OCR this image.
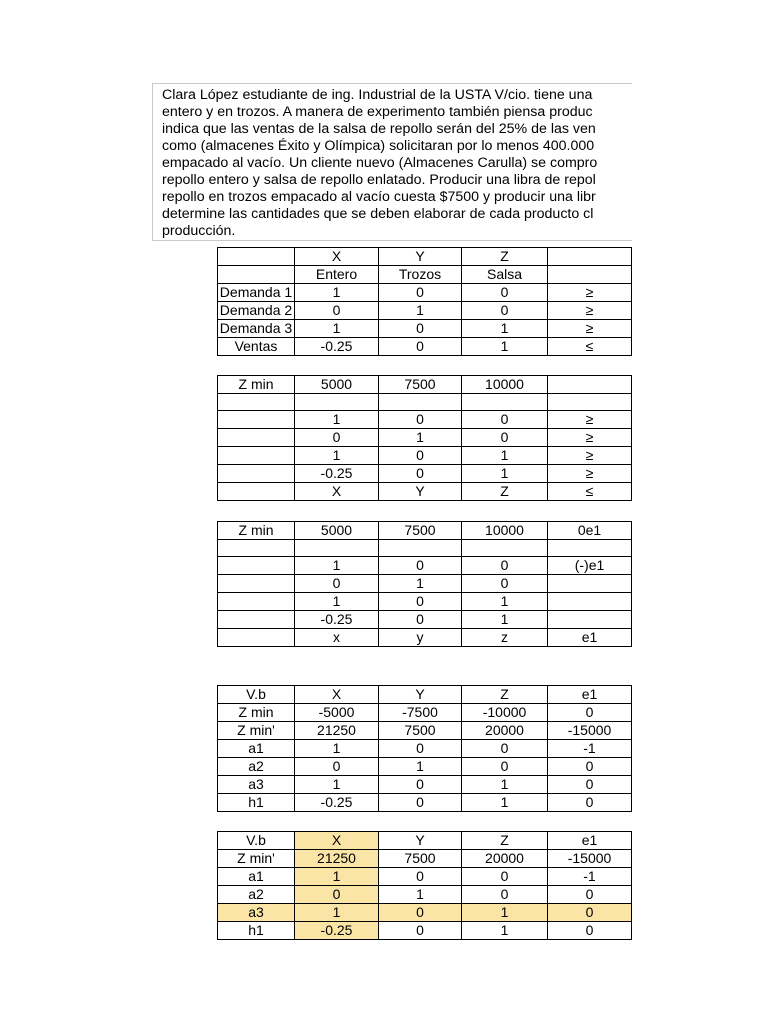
Clara López estudiante de ing. Industrial de la USTA V/cio. tiene una
entero y en trozos. A manera de experimento también piensa produc
indica que las ventas de la salsa de repollo serán del 25% de las ven
como (almacenes Éxito y Olímpica) solicitaran por lo menos 400.000
empacado al vacío. Un cliente nuevo (Almacenes Carulla) se compro
repollo entero y salsa de repollo enlatado. Producir una libra de repol
repollo en trozos empacado al vacío cuesta $7500 y producir una libr
determine las cantidades que se deben elaborar de cada producto cl
producción.
	X	Y	Z	
	Entero	Trozos	Salsa	
Demanda 1	1	0	0	≥
Demanda 2	0	1	0	≥
Demanda 3	1	0	1	≥
Ventas	-0.25	0	1	≤
Z min	5000	7500	10000	

	1	0	0	≥
	0	1	0	≥
	1	0	1	≥
	-0.25	0	1	≥
	X	Y	Z	≤
Z min	5000	7500	10000	0e1

	1	0	0	(-)e1
	0	1	0	
	1	0	1	
	-0.25	0	1	
	x	y	z	e1
V.b	X	Y	Z	e1
Z min	-5000	-7500	-10000	0
Z min'	21250	7500	20000	-15000
a1	1	0	0	-1
a2	0	1	0	0
a3	1	0	1	0
h1	-0.25	0	1	0
V.b	X	Y	Z	e1
Z min'	21250	7500	20000	-15000
a1	1	0	0	-1
a2	0	1	0	0
a3	1	0	1	0
h1	-0.25	0	1	0
